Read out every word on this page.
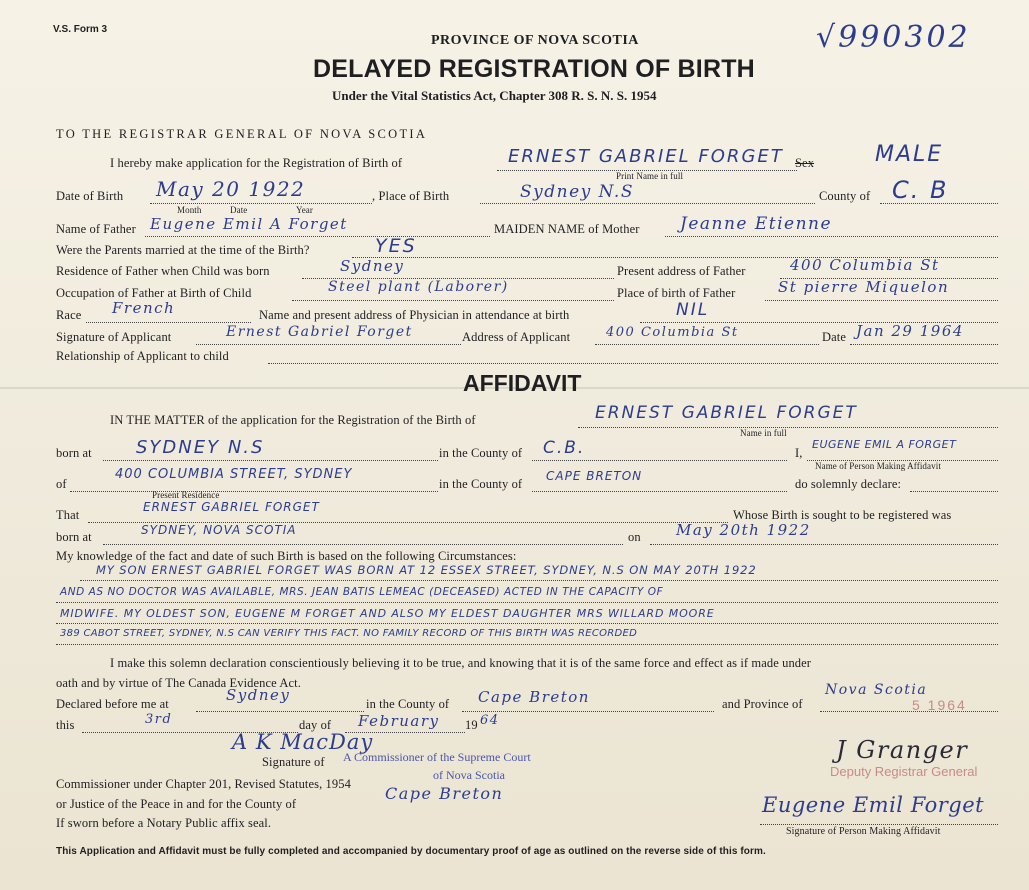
V.S. Form 3	√990302
PROVINCE OF NOVA SCOTIA
DELAYED REGISTRATION OF BIRTH
Under the Vital Statistics Act, Chapter 308 R. S. N. S. 1954
TO THE REGISTRAR GENERAL OF NOVA SCOTIA
I hereby make application for the Registration of Birth of	ERNEST GABRIEL FORGET
Print Name in full
Sex	MALE
Date of Birth May 20 1922
Month	Date	Year
, Place of Birth	Sydney N.S	County of C. B
Name of Father Eugene Emil A Forget	MAIDEN NAME of Mother Jeanne Etienne
Were the Parents married at the time of the Birth?	YES
Residence of Father when Child was born	Sydney	Present address of Father	400 Columbia St
Occupation of Father at Birth of Child	Steel plant (Laborer)	Place of birth of Father	St pierre Miquelon
Race French	Name and present address of Physician in attendance at birth	NIL
Signature of Applicant	Ernest Gabriel Forget	Address of Applicant	400 Columbia St	Date Jan 29 1964
Relationship of Applicant to child
AFFIDAVIT
IN THE MATTER of the application for the Registration of the Birth of	ERNEST GABRIEL FORGET
Name in full
born at SYDNEY N.S	in the County of C.B.	I,
EUGENE EMIL A FORGET
Name of Person Making Affidavit
of
400 COLUMBIA STREET, SYDNEY
Present Residence
in the County of
CAPE BRETON
do solemnly declare:
That
ERNEST GABRIEL FORGET
Whose Birth is sought to be registered was
born at	SYDNEY, NOVA SCOTIA	on May 20th 1922
My knowledge of the fact and date of such Birth is based on the following Circumstances:
MY SON ERNEST GABRIEL FORGET WAS BORN AT 12 ESSEX STREET, SYDNEY, N.S ON MAY 20TH 1922
AND AS NO DOCTOR WAS AVAILABLE, MRS. JEAN BATIS LEMEAC (DECEASED) ACTED IN THE CAPACITY OF
MIDWIFE. MY OLDEST SON, EUGENE M FORGET AND ALSO MY ELDEST DAUGHTER MRS WILLARD MOORE
389 CABOT STREET, SYDNEY, N.S CAN VERIFY THIS FACT. NO FAMILY RECORD OF THIS BIRTH WAS RECORDED
I make this solemn declaration conscientiously believing it to be true, and knowing that it is of the same force and effect as if made under
oath and by virtue of The Canada Evidence Act.
Declared before me at	Sydney	in the County of Cape Breton	and Province of
Nova Scotia
this	3rd	day of February 19 64
A K MacDay
Signature of A Commissioner of the Supreme Court
Commissioner under Chapter 201, Revised Statutes, 1954
of Nova Scotia
or Justice of the Peace in and for the County of
Cape Breton
If sworn before a Notary Public affix seal.
5 1964
J Granger
Deputy Registrar General
Eugene Emil Forget
Signature of Person Making Affidavit
This Application and Affidavit must be fully completed and accompanied by documentary proof of age as outlined on the reverse side of this form.
